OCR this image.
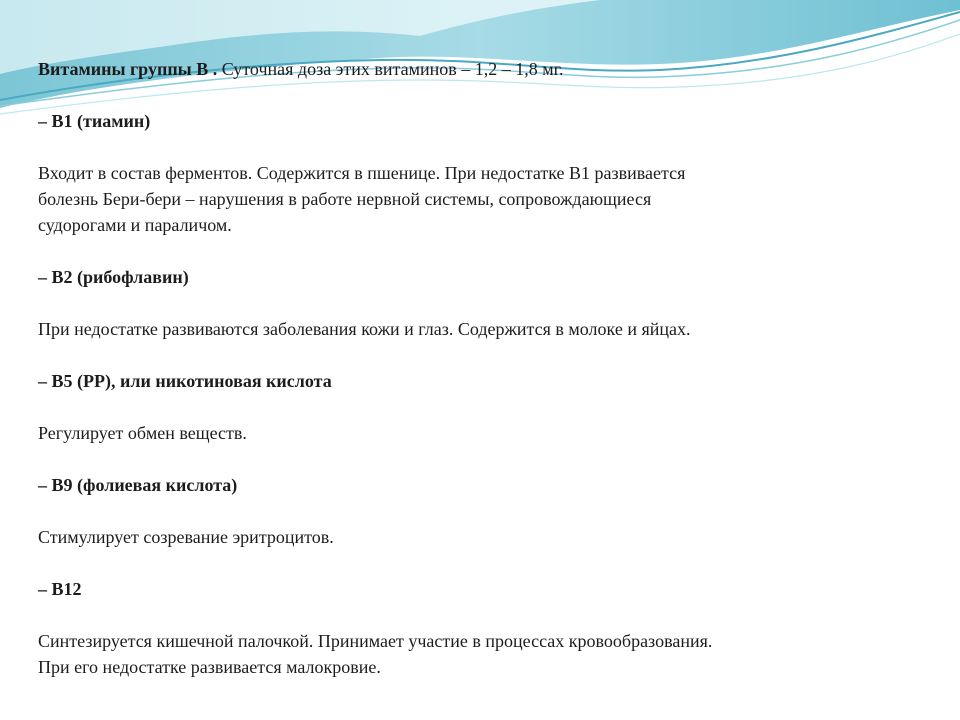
Витамины группы В . Суточная доза этих витаминов – 1,2 – 1,8 мг.

– В1 (тиамин)

Входит в состав ферментов. Содержится в пшенице. При недостатке В1 развивается

болезнь Бери-бери – нарушения в работе нервной системы, сопровождающиеся

судорогами и параличом.

– В2 (рибофлавин)

При недостатке развиваются заболевания кожи и глаз. Содержится в молоке и яйцах.

– В5 (РР), или никотиновая кислота

Регулирует обмен веществ.

– В9 (фолиевая кислота)

Стимулирует созревание эритроцитов.

– В12

Синтезируется кишечной палочкой. Принимает участие в процессах кровообразования.

При его недостатке развивается малокровие.
